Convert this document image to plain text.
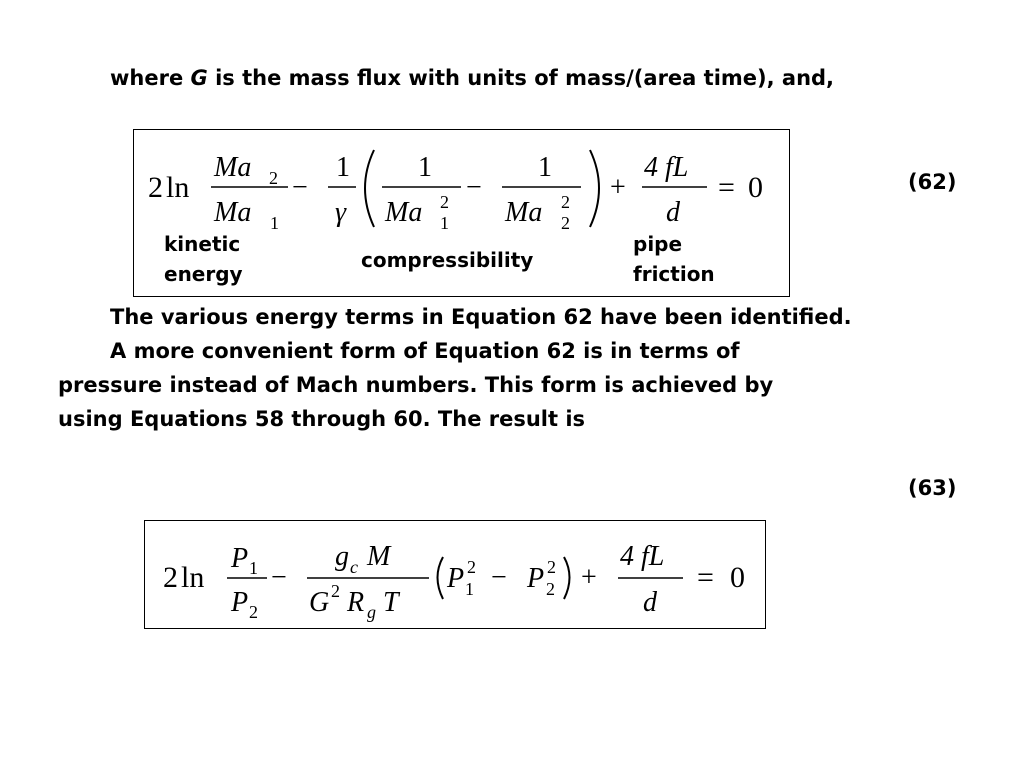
where G is the mass flux with units of mass/(area time), and,
2 ln
Ma 2
Ma 1
−
1
γ
1
Ma 2
1
−
1
Ma 2
2
+
4 fL
d
= 0
kinetic
energy
compressibility
pipe
friction
(62)
The various energy terms in Equation 62 have been identified.
A more convenient form of Equation 62 is in terms of
pressure instead of Mach numbers. This form is achieved by
using Equations 58 through 60. The result is
(63)
2 ln
P 1
P 2
−
g c M
G 2 R g T
P 2
1 − P 2
2 +
4 fL
d
= 0
